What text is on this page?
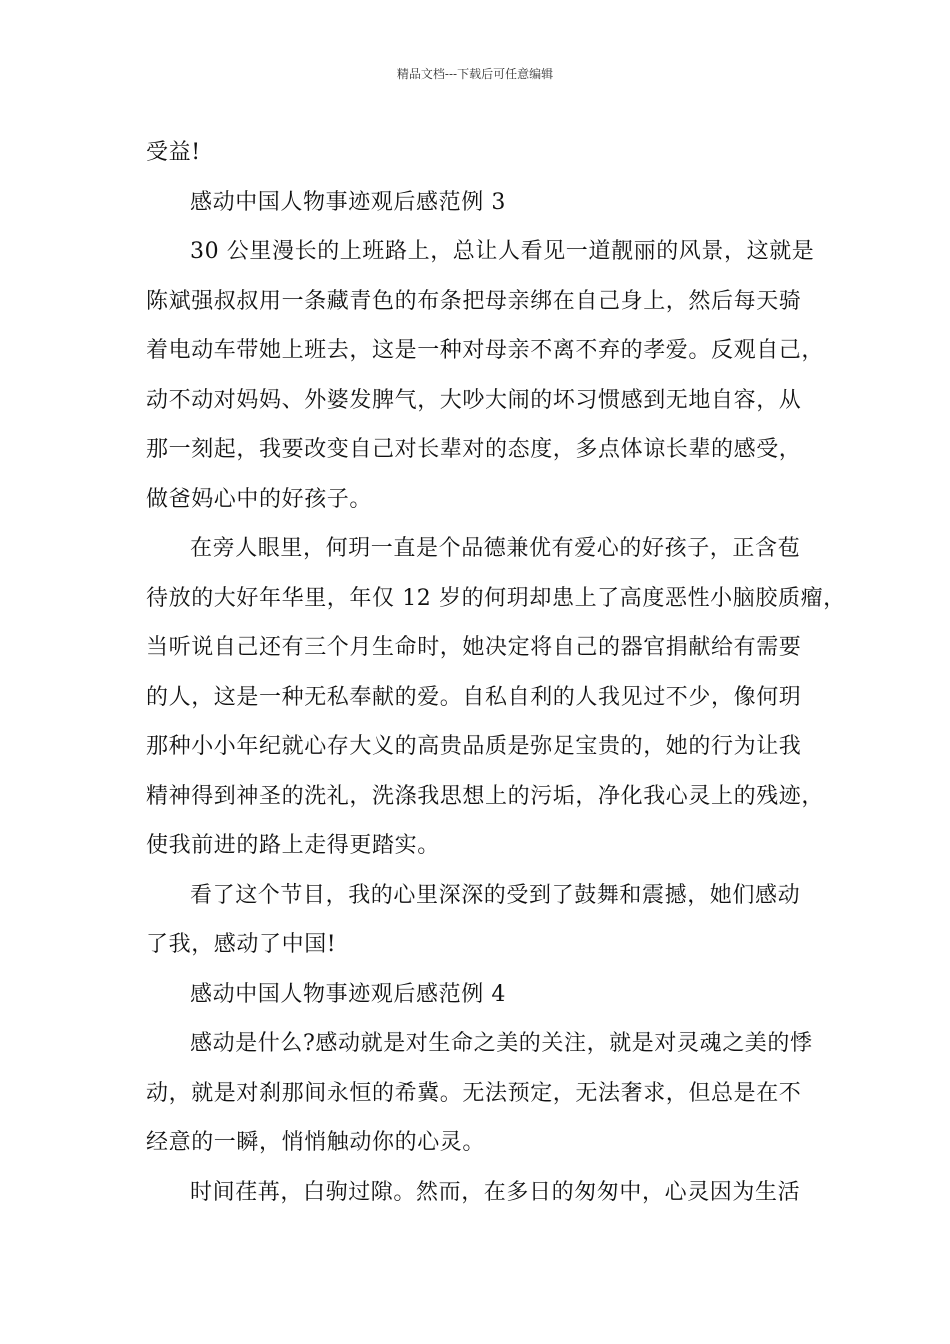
精品文档---下载后可任意编辑
受益!
感动中国人物事迹观后感范例 3
30 公里漫长的上班路上，总让人看见一道靓丽的风景，这就是
陈斌强叔叔用一条藏青色的布条把母亲绑在自己身上，然后每天骑
着电动车带她上班去，这是一种对母亲不离不弃的孝爱。反观自己，
动不动对妈妈、外婆发脾气，大吵大闹的坏习惯感到无地自容，从
那一刻起，我要改变自己对长辈对的态度，多点体谅长辈的感受，
做爸妈心中的好孩子。
在旁人眼里，何玥一直是个品德兼优有爱心的好孩子，正含苞
待放的大好年华里，年仅 12 岁的何玥却患上了高度恶性小脑胶质瘤，
当听说自己还有三个月生命时，她决定将自己的器官捐献给有需要
的人，这是一种无私奉献的爱。自私自利的人我见过不少，像何玥
那种小小年纪就心存大义的高贵品质是弥足宝贵的，她的行为让我
精神得到神圣的洗礼，洗涤我思想上的污垢，净化我心灵上的残迹，
使我前进的路上走得更踏实。
看了这个节目，我的心里深深的受到了鼓舞和震撼，她们感动
了我，感动了中国!
感动中国人物事迹观后感范例 4
感动是什么?感动就是对生命之美的关注，就是对灵魂之美的悸
动，就是对刹那间永恒的希冀。无法预定，无法奢求，但总是在不
经意的一瞬，悄悄触动你的心灵。
时间荏苒，白驹过隙。然而，在多日的匆匆中，心灵因为生活
